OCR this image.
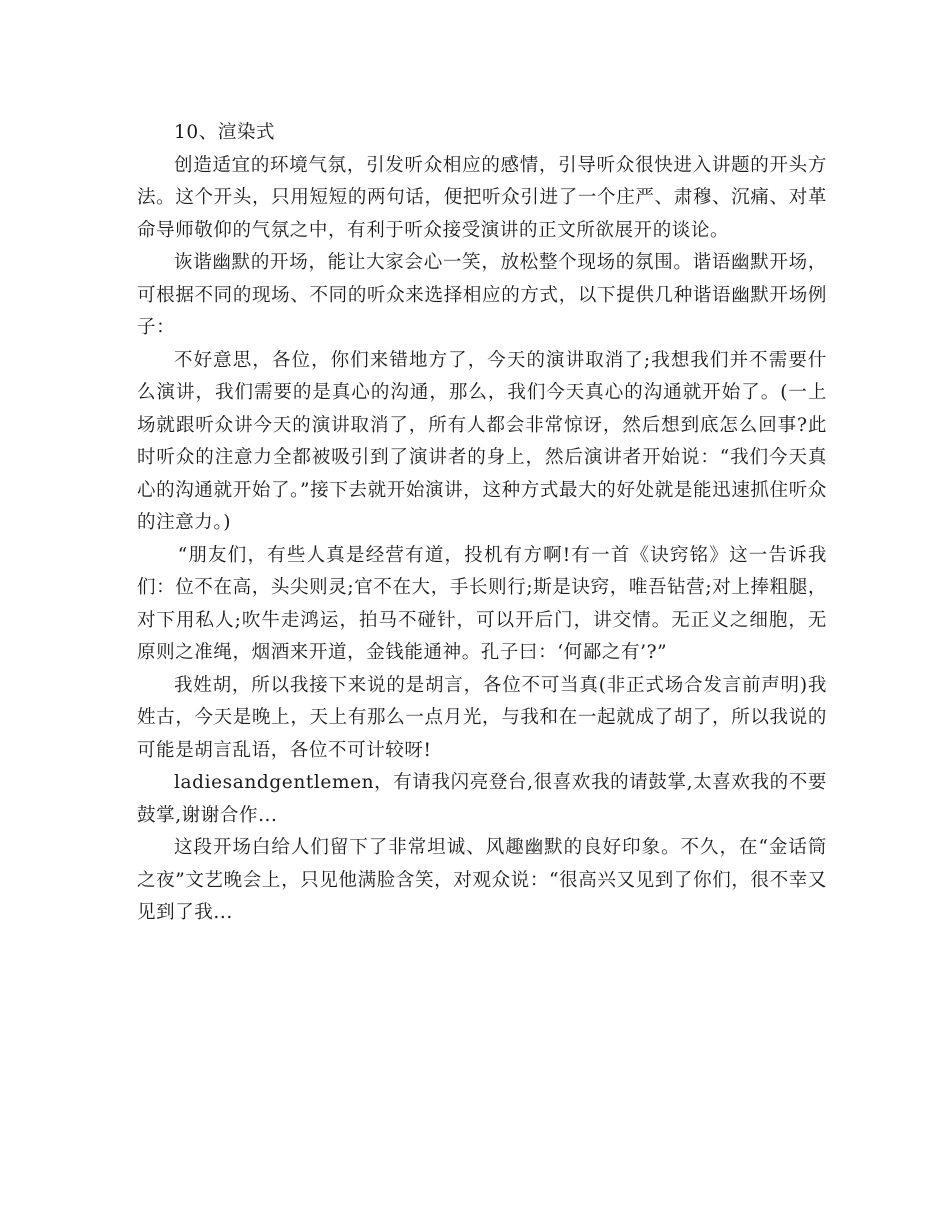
10、渲染式

创造适宜的环境气氛，引发听众相应的感情，引导听众很快进入讲题的开头方法。这个开头，只用短短的两句话，便把听众引进了一个庄严、肃穆、沉痛、对革命导师敬仰的气氛之中，有利于听众接受演讲的正文所欲展开的谈论。

诙谐幽默的开场，能让大家会心一笑，放松整个现场的氛围。谐语幽默开场，可根据不同的现场、不同的听众来选择相应的方式，以下提供几种谐语幽默开场例子：

不好意思，各位，你们来错地方了，今天的演讲取消了;我想我们并不需要什么演讲，我们需要的是真心的沟通，那么，我们今天真心的沟通就开始了。(一上场就跟听众讲今天的演讲取消了，所有人都会非常惊讶，然后想到底怎么回事?此时听众的注意力全都被吸引到了演讲者的身上，然后演讲者开始说：“我们今天真心的沟通就开始了。”接下去就开始演讲，这种方式最大的好处就是能迅速抓住听众的注意力。)

“朋友们，有些人真是经营有道，投机有方啊!有一首《诀窍铭》这一告诉我们：位不在高，头尖则灵;官不在大，手长则行;斯是诀窍，唯吾钻营;对上捧粗腿，对下用私人;吹牛走鸿运，拍马不碰针，可以开后门，讲交情。无正义之细胞，无原则之准绳，烟酒来开道，金钱能通神。孔子曰：‘何鄙之有’?”

我姓胡，所以我接下来说的是胡言，各位不可当真(非正式场合发言前声明)我姓古，今天是晚上，天上有那么一点月光，与我和在一起就成了胡了，所以我说的可能是胡言乱语，各位不可计较呀!

ladiesandgentlemen，有请我闪亮登台,很喜欢我的请鼓掌,太喜欢我的不要鼓掌,谢谢合作...

这段开场白给人们留下了非常坦诚、风趣幽默的良好印象。不久，在“金话筒之夜”文艺晚会上，只见他满脸含笑，对观众说：“很高兴又见到了你们，很不幸又见到了我...
